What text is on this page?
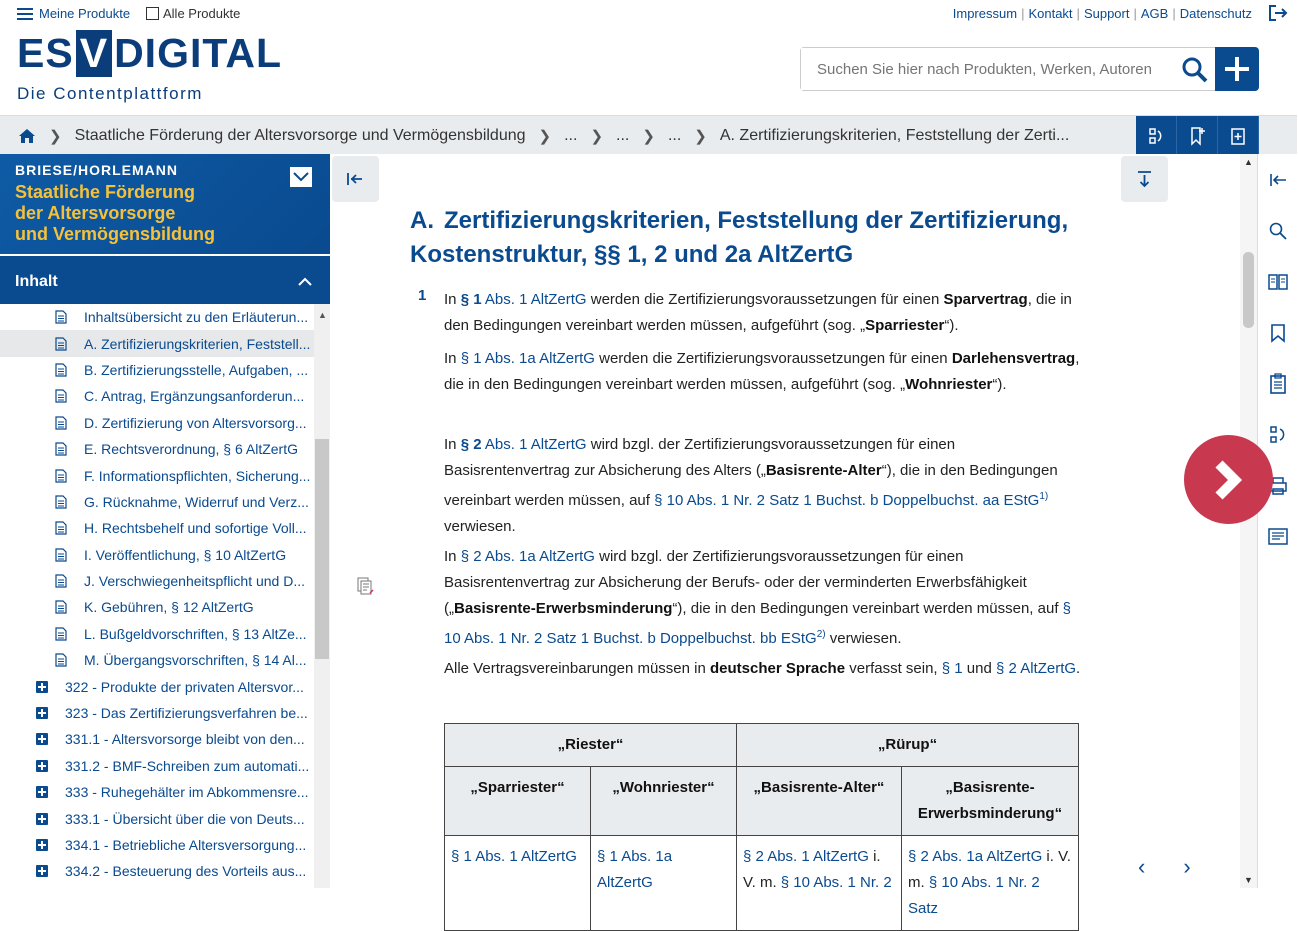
Meine Produkte	Alle Produkte	Impressum | Kontakt | Support | AGB | Datenschutz
ES V DIGITAL
Die Contentplattform
Suchen Sie hier nach Produkten, Werken, Autoren
❯ Staatliche Förderung der Altersvorsorge und Vermögensbildung ❯ ... ❯ ... ❯ ... ❯ A. Zertifizierungskriterien, Feststellung der Zerti...
BRIESE/HORLEMANN
Staatliche Förderung
der Altersvorsorge
und Vermögensbildung
Inhalt
Inhaltsübersicht zu den Erläuterun...
A. Zertifizierungskriterien, Feststell...
B. Zertifizierungsstelle, Aufgaben, ...
C. Antrag, Ergänzungsanforderun...
D. Zertifizierung von Altersvorsorg...
E. Rechtsverordnung, § 6 AltZertG
F. Informationspflichten, Sicherung...
G. Rücknahme, Widerruf und Verz...
H. Rechtsbehelf und sofortige Voll...
I. Veröffentlichung, § 10 AltZertG
J. Verschwiegenheitspflicht und D...
K. Gebühren, § 12 AltZertG
L. Bußgeldvorschriften, § 13 AltZe...
M. Übergangsvorschriften, § 14 Al...
322 - Produkte der privaten Altersvor...
323 - Das Zertifizierungsverfahren be...
331.1 - Altersvorsorge bleibt von den...
331.2 - BMF-Schreiben zum automati...
333 - Ruhegehälter im Abkommensre...
333.1 - Übersicht über die von Deuts...
334.1 - Betriebliche Altersversorgung...
334.2 - Besteuerung des Vorteils aus...
▲
A. Zertifizierungskriterien, Feststellung der Zertifizierung, Kostenstruktur, §§ 1, 2 und 2a AltZertG
1 In § 1 Abs. 1 AltZertG werden die Zertifizierungsvoraussetzungen für einen Sparvertrag, die in den Bedingungen vereinbart werden müssen, aufgeführt (sog. „Sparriester“).
In § 1 Abs. 1a AltZertG werden die Zertifizierungsvoraussetzungen für einen Darlehensvertrag, die in den Bedingungen vereinbart werden müssen, aufgeführt (sog. „Wohnriester“).
In § 2 Abs. 1 AltZertG wird bzgl. der Zertifizierungsvoraussetzungen für einen Basisrentenvertrag zur Absicherung des Alters („Basisrente-Alter“), die in den Bedingungen vereinbart werden müssen, auf § 10 Abs. 1 Nr. 2 Satz 1 Buchst. b Doppelbuchst. aa EStG$^{1)}$ verwiesen.
In § 2 Abs. 1a AltZertG wird bzgl. der Zertifizierungsvoraussetzungen für einen Basisrentenvertrag zur Absicherung der Berufs- oder der verminderten Erwerbsfähigkeit („Basisrente-Erwerbsminderung“), die in den Bedingungen vereinbart werden müssen, auf § 10 Abs. 1 Nr. 2 Satz 1 Buchst. b Doppelbuchst. bb EStG$^{2)}$ verwiesen.
Alle Vertragsvereinbarungen müssen in deutscher Sprache verfasst sein, § 1 und § 2 AltZertG.
„Riester“		„Rürup“	
„Sparriester“	„Wohnriester“	„Basisrente-Alter“	„Basisrente-Erwerbsminderung“
§ 1 Abs. 1 AltZertG	§ 1 Abs. 1a AltZertG	§ 2 Abs. 1 AltZertG i. V. m. § 10 Abs. 1 Nr. 2	§ 2 Abs. 1a AltZertG i. V. m. § 10 Abs. 1 Nr. 2 Satz
‹ ›
▲
▼
